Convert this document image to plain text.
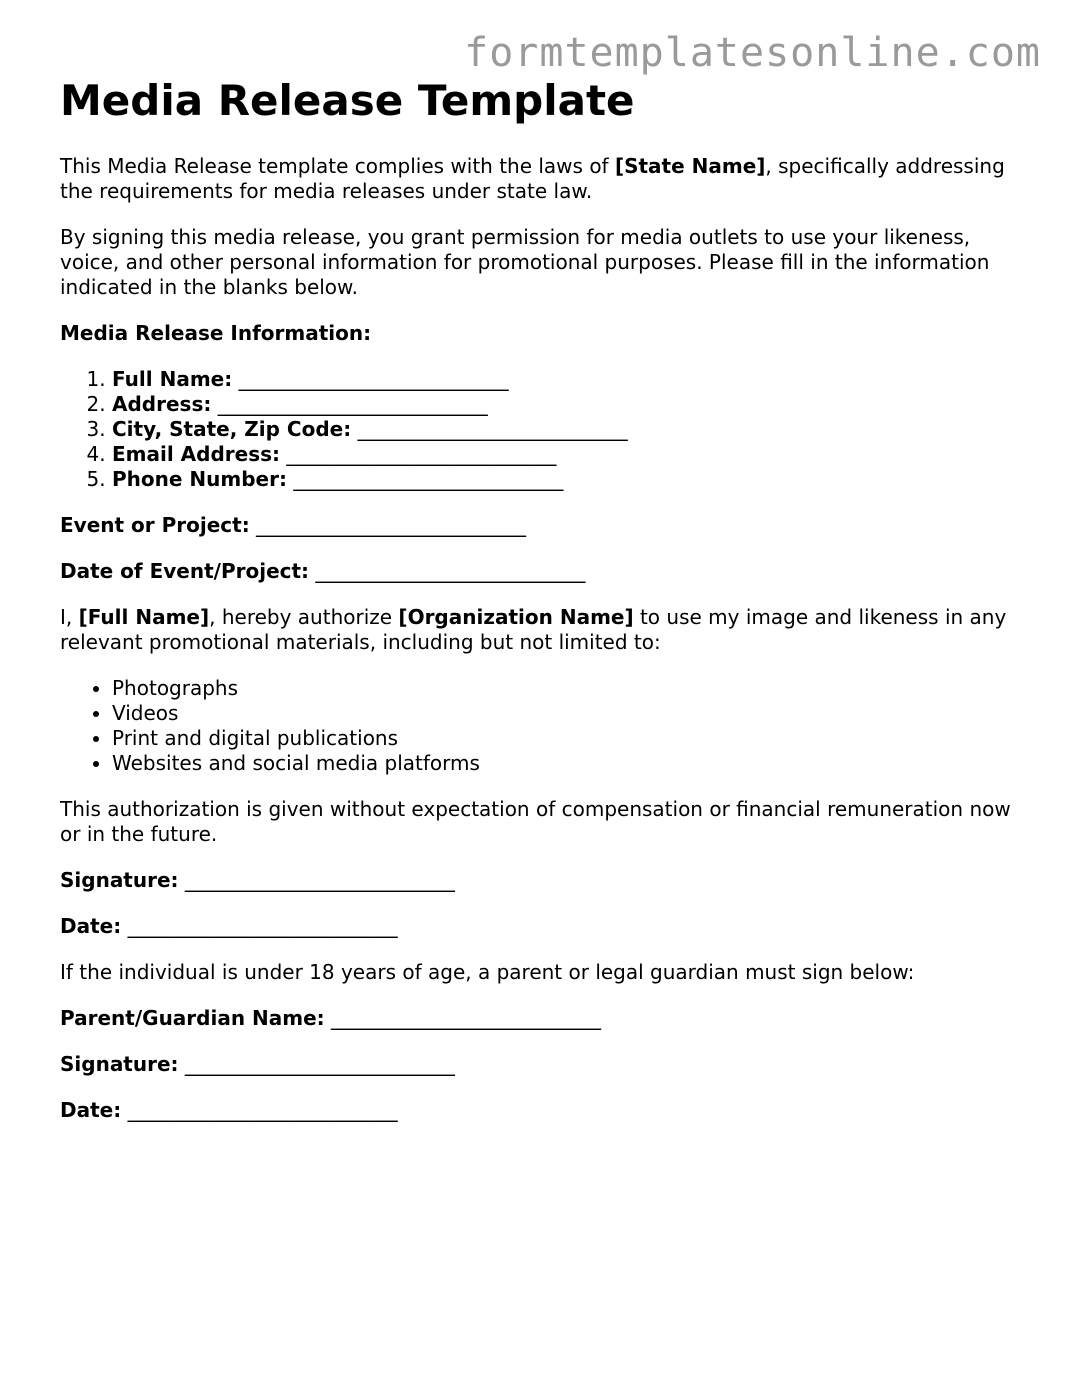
formtemplatesonline.com
Media Release Template

This Media Release template complies with the laws of [State Name], specifically addressing the requirements for media releases under state law.

By signing this media release, you grant permission for media outlets to use your likeness, voice, and other personal information for promotional purposes. Please fill in the information indicated in the blanks below.

Media Release Information:

1. Full Name: ___________________________
2. Address: ___________________________
3. City, State, Zip Code: ___________________________
4. Email Address: ___________________________
5. Phone Number: ___________________________

Event or Project: ___________________________

Date of Event/Project: ___________________________

I, [Full Name], hereby authorize [Organization Name] to use my image and likeness in any relevant promotional materials, including but not limited to:

• Photographs
• Videos
• Print and digital publications
• Websites and social media platforms

This authorization is given without expectation of compensation or financial remuneration now or in the future.

Signature: ___________________________

Date: ___________________________

If the individual is under 18 years of age, a parent or legal guardian must sign below:

Parent/Guardian Name: ___________________________

Signature: ___________________________

Date: ___________________________
